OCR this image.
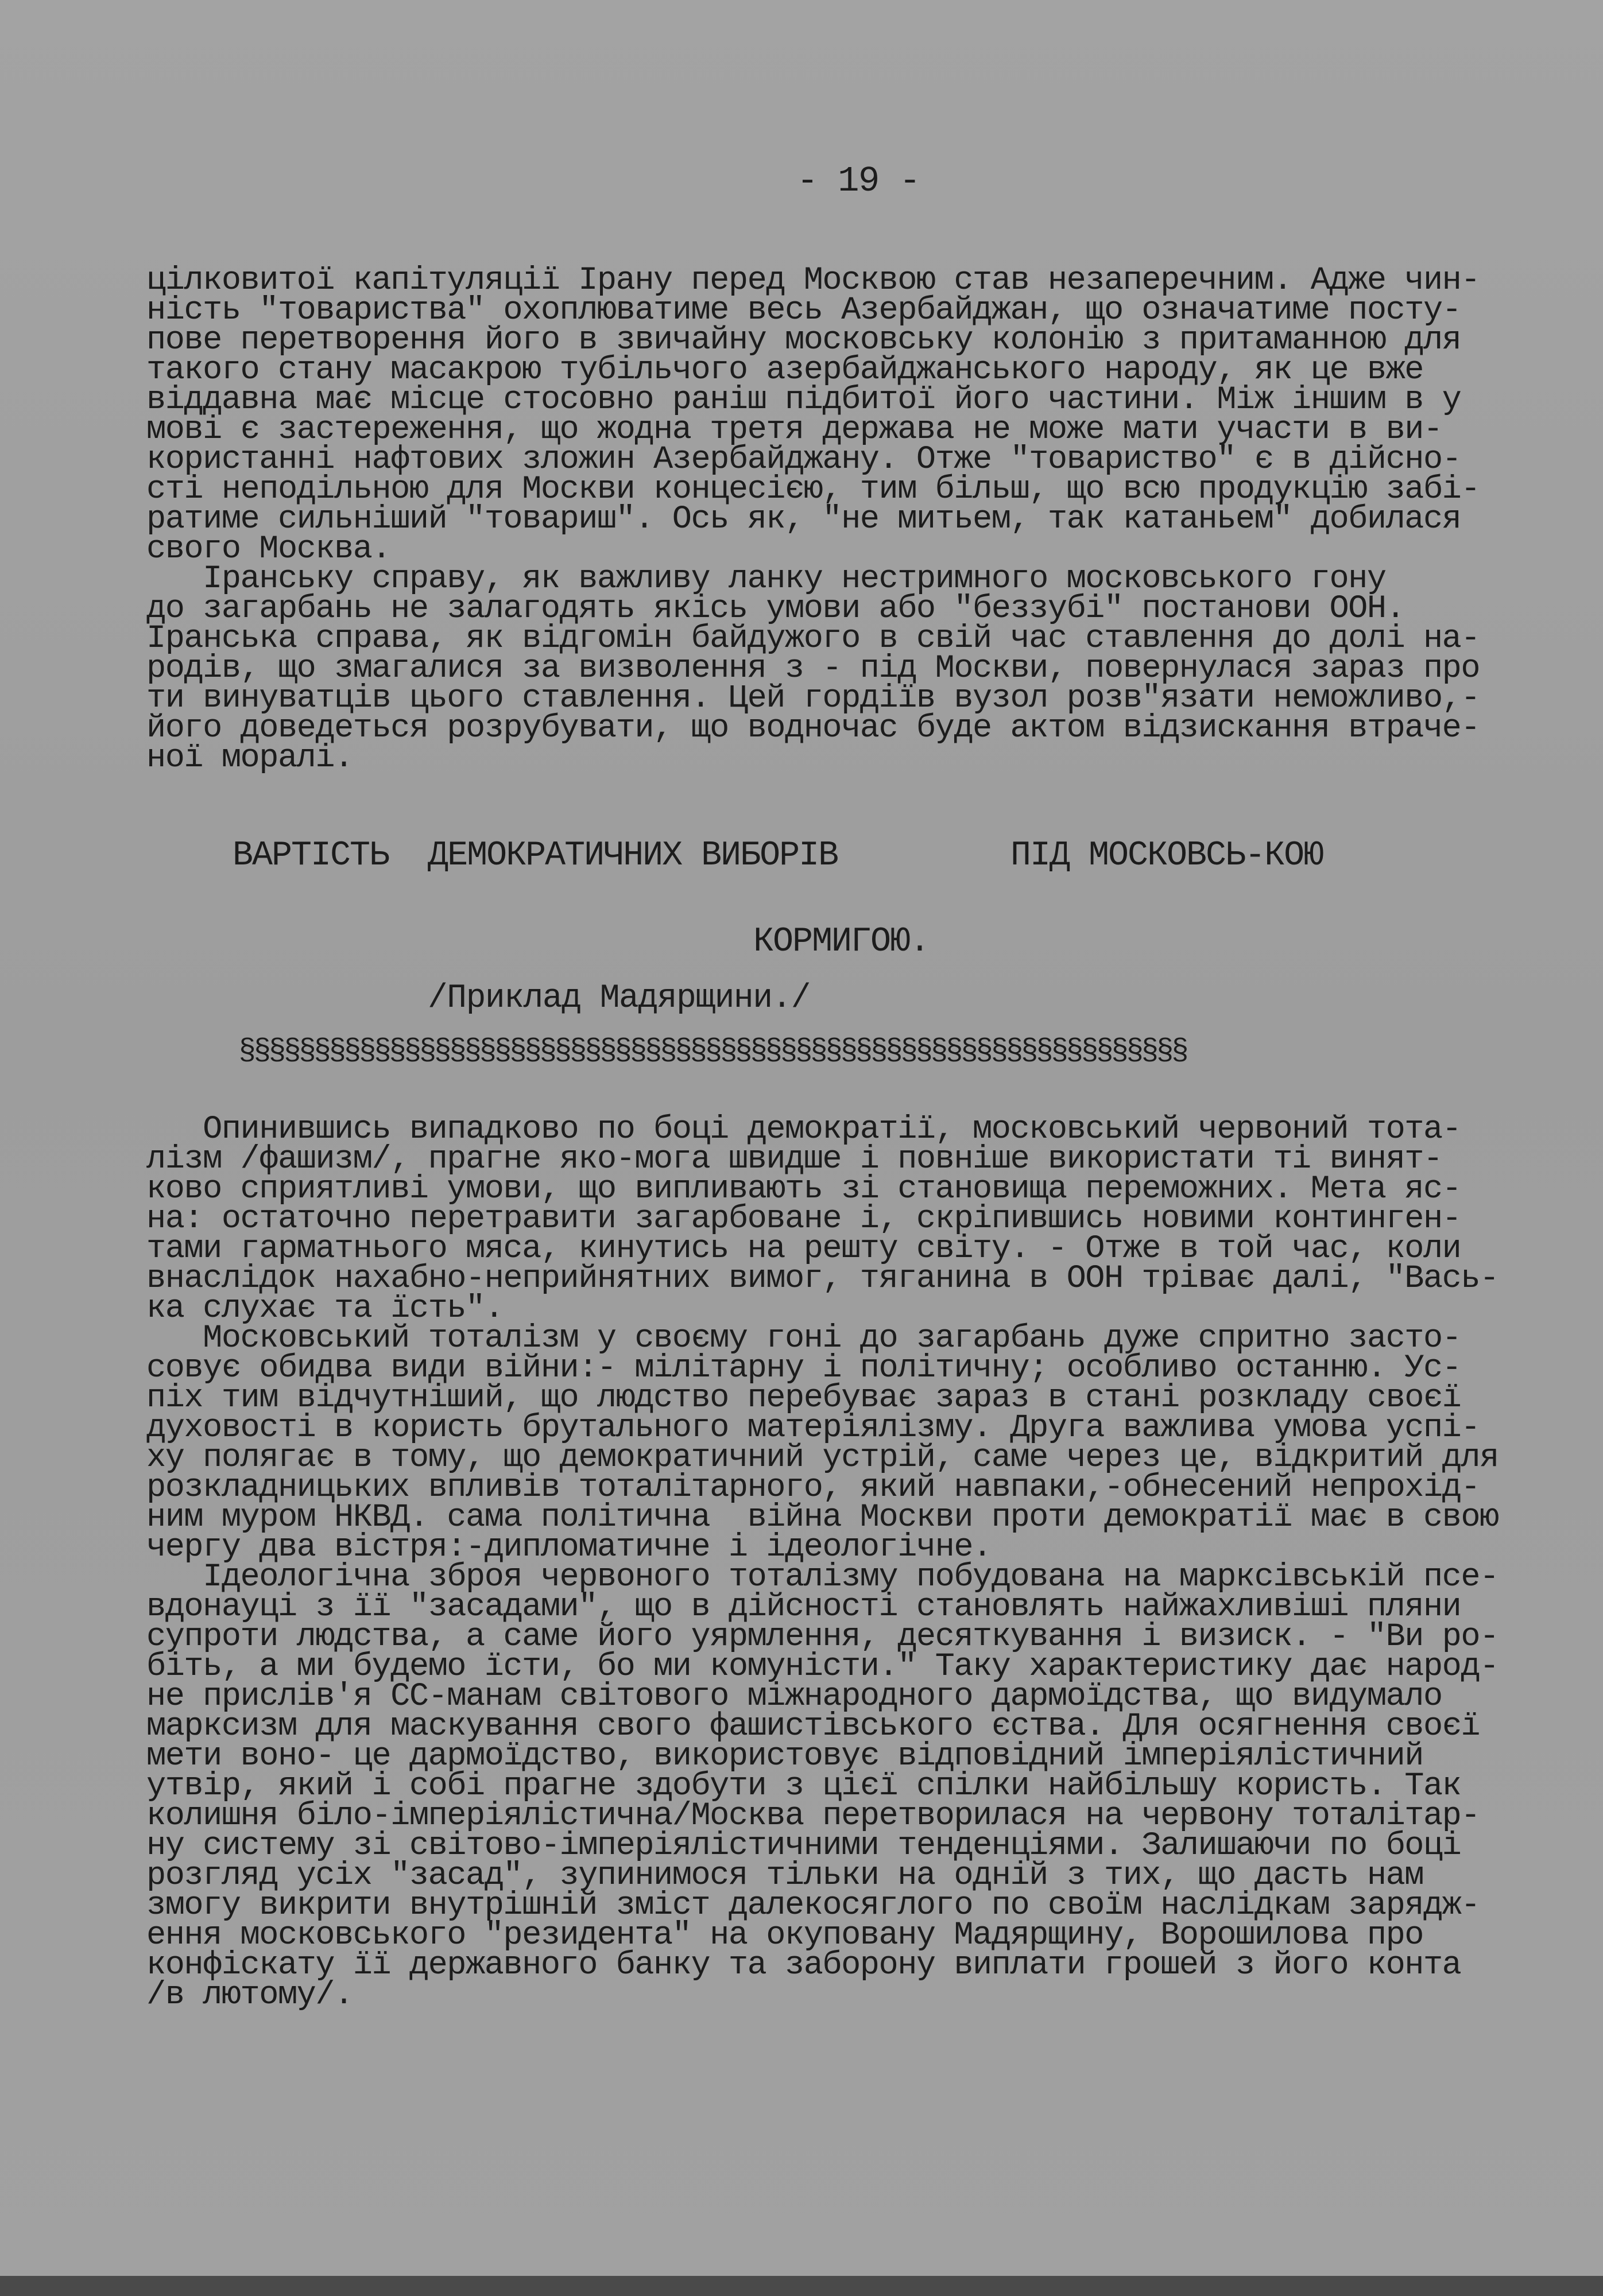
- 19 -
цілковитої капітуляції Ірану перед Москвою став незаперечним. Адже чин-
ність "товариства" охоплюватиме весь Азербайджан, що означатиме посту-
пове перетворення його в звичайну московську колонію з притаманною для
такого стану масакрою тубільчого азербайджанського народу, як це вже
віддавна має місце стосовно раніш підбитої його частини. Між іншим в у
мові є застереження, що жодна третя держава не може мати участи в ви-
користанні нафтових зложин Азербайджану. Отже "товариство" є в дійсно-
сті неподільною для Москви концесією, тим більш, що всю продукцію забі-
ратиме сильніший "товариш". Ось як, "не митьем, так катаньем" добилася
свого Москва.
Іранську справу, як важливу ланку нестримного московського гону
до загарбань не залагодять якісь умови або "беззубі" постанови ООН.
Іранська справа, як відгомін байдужого в свій час ставлення до долі на-
родів, що змагалися за визволення з - під Москви, повернулася зараз про
ти винуватців цього ставлення. Цей гордіїв вузол розв"язати неможливо,-
його доведеться розрубувати, що водночас буде актом відзискання втраче-
ної моралі.
ВАРТІСТЬ  ДЕМОКРАТИЧНИХ ВИБОРІВ	ПІД МОСКОВСЬ-КОЮ
КОРМИГОЮ.
/Приклад Мадярщини./
§§§§§§§§§§§§§§§§§§§§§§§§§§§§§§§§§§§§§§§§§§§§§§§§§§§§§§§§§§§§§§§
Опинившись випадково по боці демократії, московський червоний тота-
лізм /фашизм/, прагне яко-мога швидше і повніше використати ті винят-
ково сприятливі умови, що випливають зі становища переможних. Мета яс-
на: остаточно перетравити загарбоване і, скріпившись новими континген-
тами гарматнього мяса, кинутись на решту світу. - Отже в той час, коли
внаслідок нахабно-неприйнятних вимог, тяганина в ООН тріває далі, "Вась-
ка слухає та їсть".
Московський тоталізм у своєму гоні до загарбань дуже спритно засто-
совує обидва види війни:- мілітарну і політичну; особливо останню. Ус-
піх тим відчутніший, що людство перебуває зараз в стані розкладу своєї
духовості в користь брутального матеріялізму. Друга важлива умова успі-
ху полягає в тому, що демократичний устрій, саме через це, відкритий для
розкладницьких впливів тоталітарного, який навпаки,-обнесений непрохід-
ним муром НКВД. сама політична  війна Москви проти демократії має в свою
чергу два вістря:-дипломатичне і ідеологічне.
Ідеологічна зброя червоного тоталізму побудована на марксівській псе-
вдонауці з її "засадами", що в дійсності становлять найжахливіші пляни
супроти людства, а саме його уярмлення, десяткування і визиск. - "Ви ро-
біть, а ми будемо їсти, бо ми комуністи." Таку характеристику дає народ-
не прислів'я СС-манам світового міжнародного дармоїдства, що видумало
марксизм для маскування свого фашистівського єства. Для осягнення своєї
мети воно- це дармоїдство, використовує відповідний імперіялістичний
утвір, який і собі прагне здобути з цієї спілки найбільшу користь. Так
колишня біло-імперіялістична/Москва перетворилася на червону тоталітар-
ну систему зі світово-імперіялістичними тенденціями. Залишаючи по боці
розгляд усіх "засад", зупинимося тільки на одній з тих, що дасть нам
змогу викрити внутрішній зміст далекосяглого по своїм наслідкам зарядж-
ення московського "резидента" на окуповану Мадярщину, Ворошилова про
конфіскату її державного банку та заборону виплати грошей з його конта
/в лютому/.
